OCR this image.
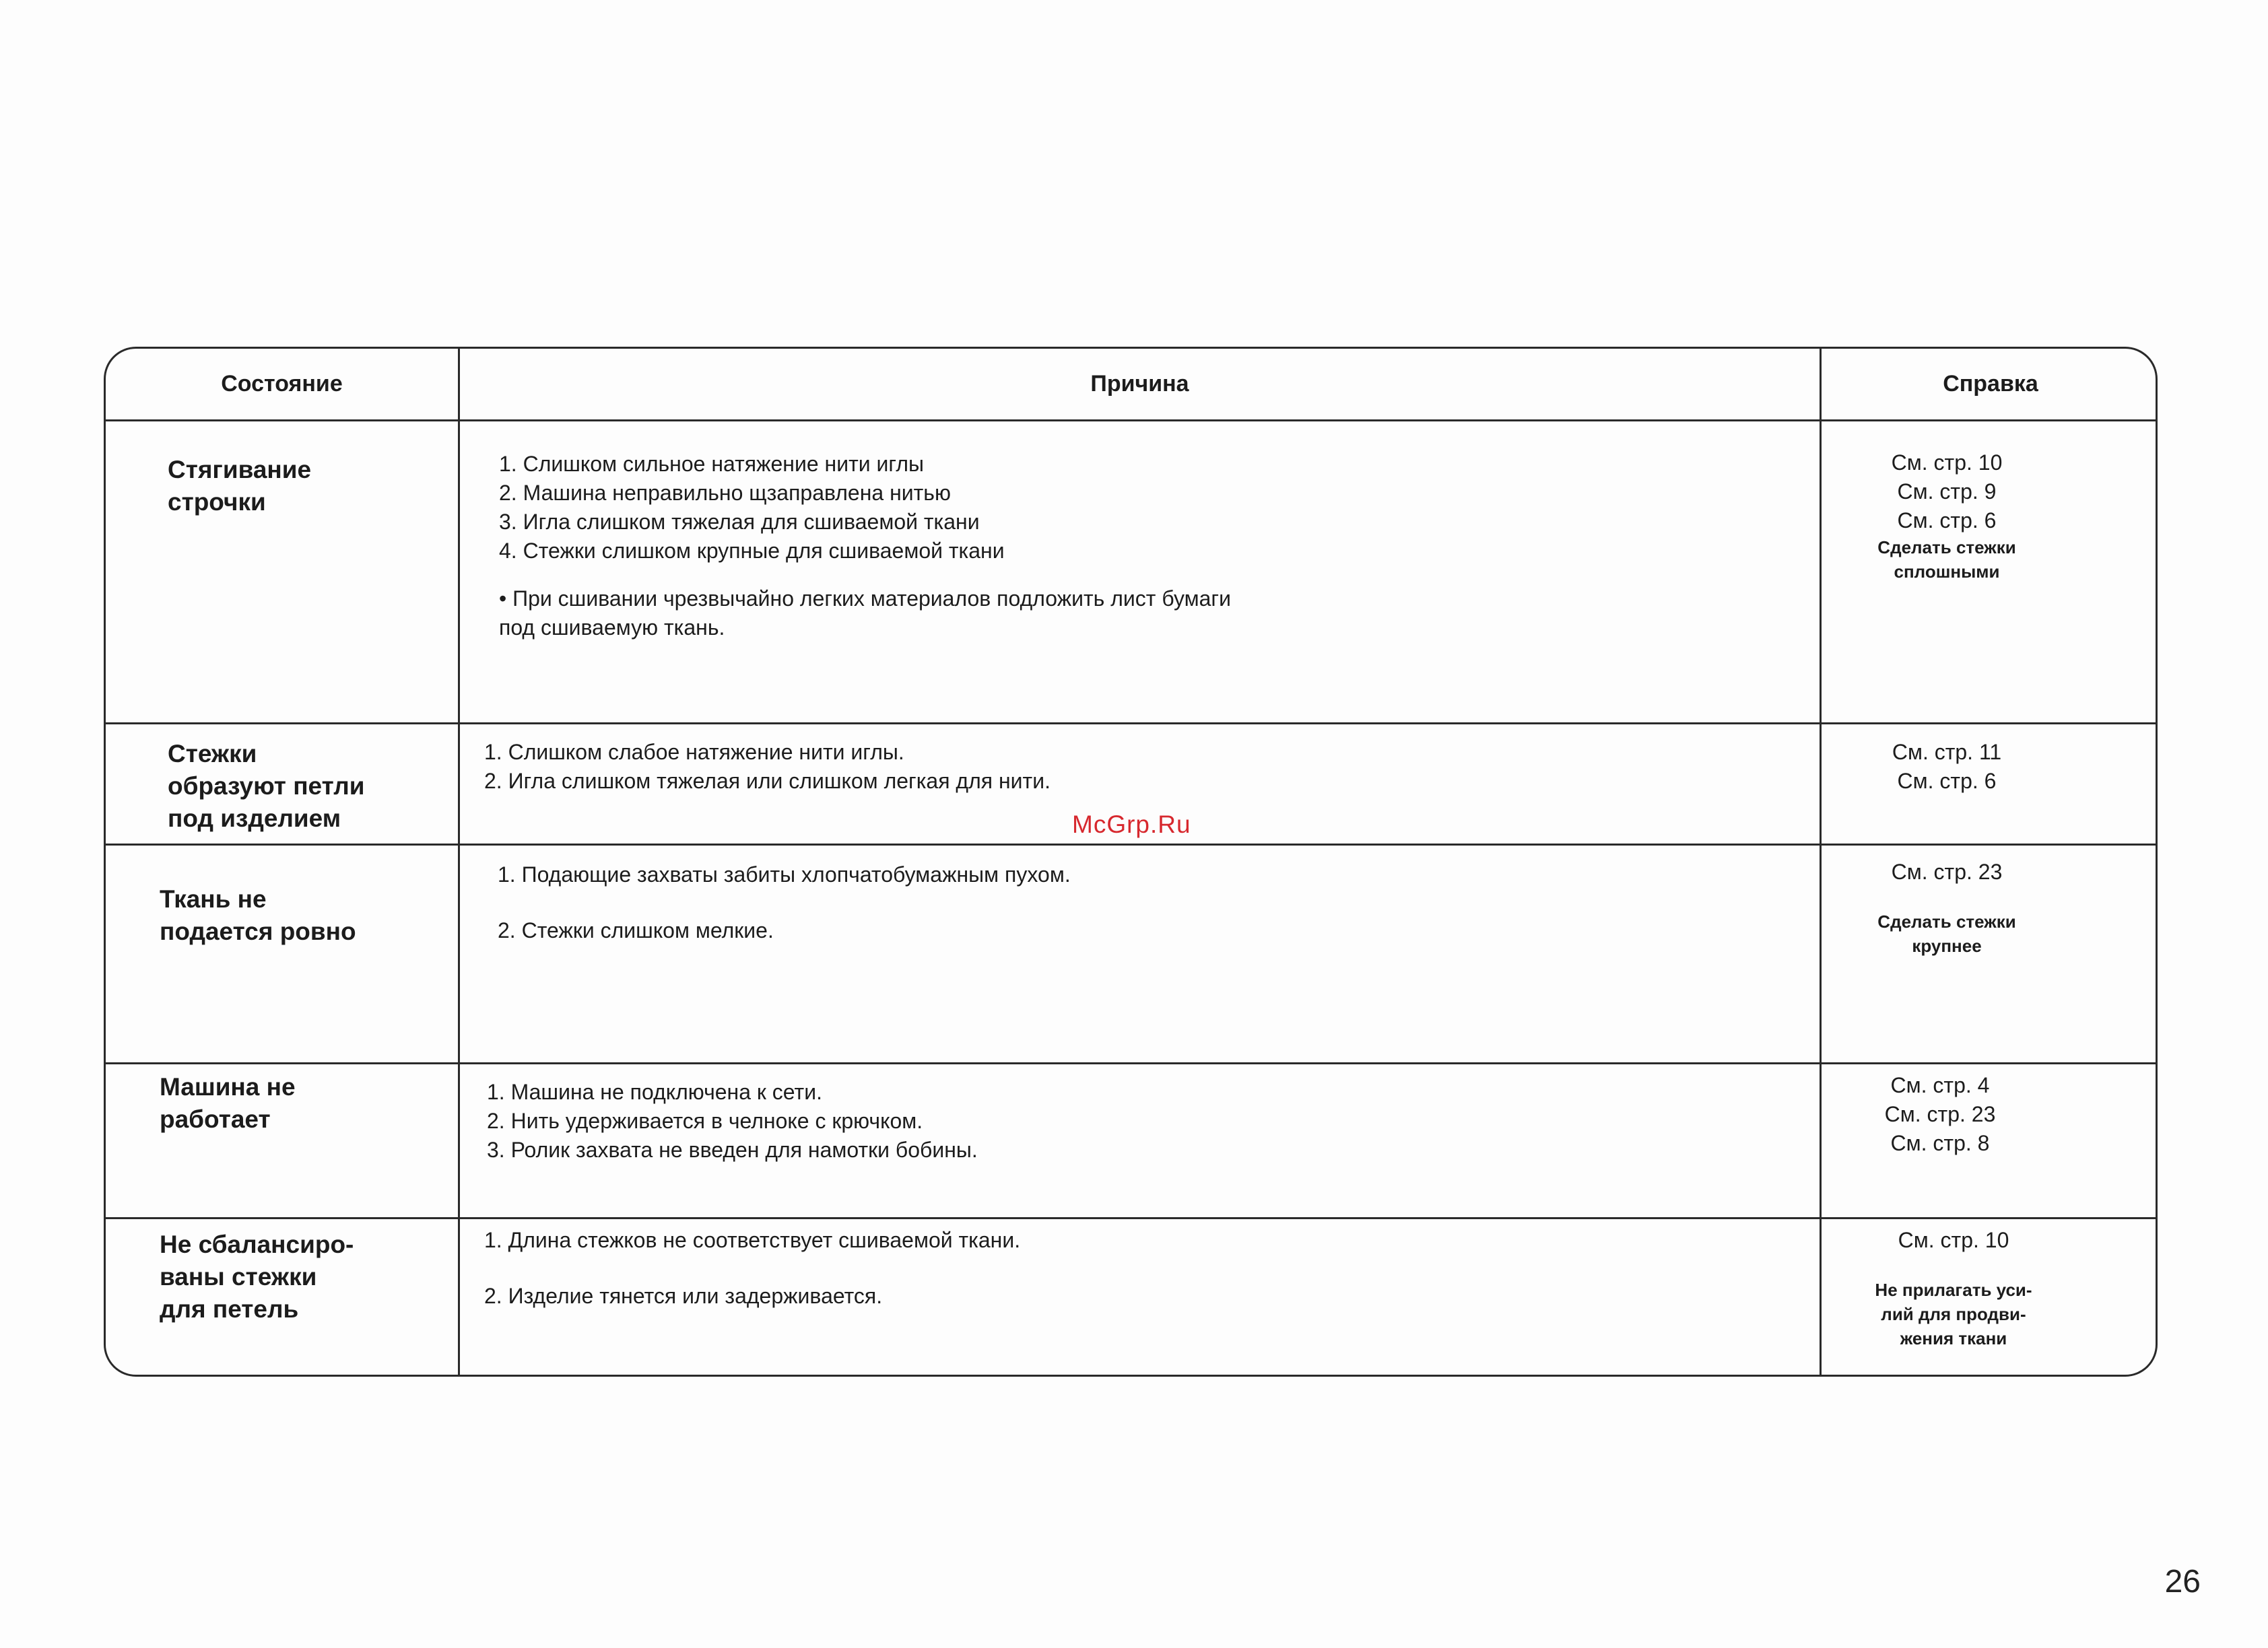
Состояние	Причина	Справка
Стягивание
строчки
1. Слишком сильное натяжение нити иглы
2. Машина неправильно щзаправлена нитью
3. Игла слишком тяжелая для сшиваемой ткани
4. Стежки слишком крупные для сшиваемой ткани
• При сшивании чрезвычайно легких материалов подложить лист бумаги под сшиваемую ткань.
См. стр. 10
См. стр. 9
См. стр. 6
Сделать стежки сплошными
Стежки
образуют петли
под изделием
1. Слишком слабое натяжение нити иглы.
2. Игла слишком тяжелая или слишком легкая для нити.
См. стр. 11
См. стр. 6
Ткань не
подается ровно
1. Подающие захваты забиты хлопчатобумажным пухом.
2. Стежки слишком мелкие.
См. стр. 23
Сделать стежки крупнее
Машина не
работает
1. Машина не подключена к сети.
2. Нить удерживается в челноке с крючком.
3. Ролик захвата не введен для намотки бобины.
См. стр. 4
См. стр. 23
См. стр. 8
Не сбалансиро-
ваны стежки
для петель
1. Длина стежков не соответствует сшиваемой ткани.
2. Изделие тянется или задерживается.
См. стр. 10
Не прилагать уси-
лий для продви-
жения ткани
McGrp.Ru
26
